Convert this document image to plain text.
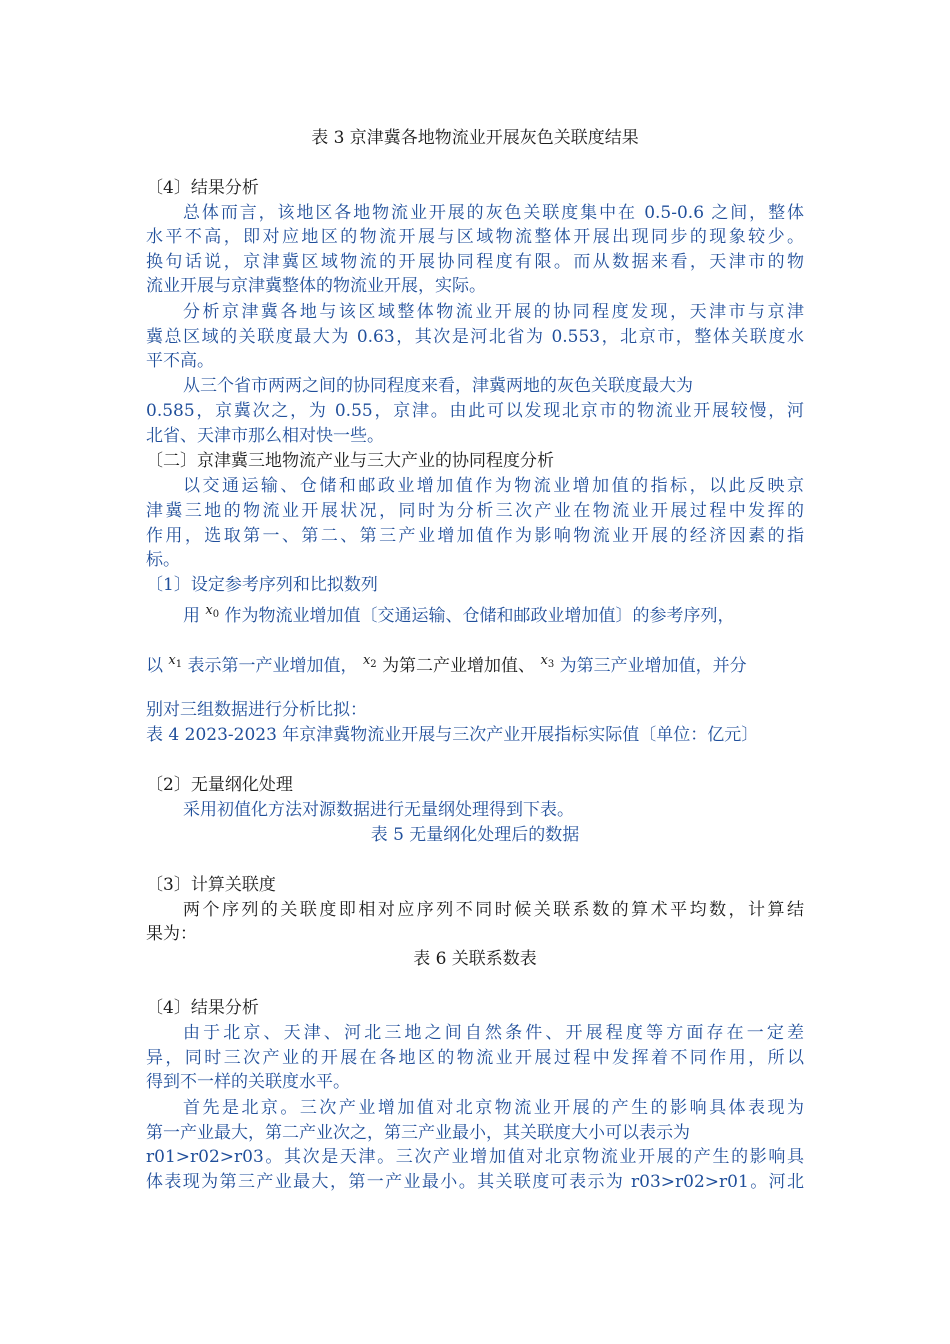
表 3 京津冀各地物流业开展灰色关联度结果
〔4〕结果分析
总体而言，该地区各地物流业开展的灰色关联度集中在 0.5-0.6 之间，整体
水平不高，即对应地区的物流开展与区域物流整体开展出现同步的现象较少。
换句话说，京津冀区域物流的开展协同程度有限。而从数据来看，天津市的物
流业开展与京津冀整体的物流业开展，实际。
分析京津冀各地与该区域整体物流业开展的协同程度发现，天津市与京津
冀总区域的关联度最大为 0.63，其次是河北省为 0.553，北京市，整体关联度水
平不高。
从三个省市两两之间的协同程度来看，津冀两地的灰色关联度最大为
0.585，京冀次之，为 0.55，京津。由此可以发现北京市的物流业开展较慢，河
北省、天津市那么相对快一些。
〔二〕京津冀三地物流产业与三大产业的协同程度分析
以交通运输、仓储和邮政业增加值作为物流业增加值的指标，以此反映京
津冀三地的物流业开展状况，同时为分析三次产业在物流业开展过程中发挥的
作用，选取第一、第二、第三产业增加值作为影响物流业开展的经济因素的指
标。
〔1〕设定参考序列和比拟数列
用 $^{x_0}$ 作为物流业增加值〔交通运输、仓储和邮政业增加值〕的参考序列，
以 $^{x_1}$ 表示第一产业增加值， $^{x_2}$ 为第二产业增加值、 $^{x_3}$ 为第三产业增加值，并分
别对三组数据进行分析比拟：
表 4 2023-2023 年京津冀物流业开展与三次产业开展指标实际值〔单位：亿元〕
〔2〕无量纲化处理
采用初值化方法对源数据进行无量纲处理得到下表。
表 5 无量纲化处理后的数据
〔3〕计算关联度
两个序列的关联度即相对应序列不同时候关联系数的算术平均数，计算结
果为：
表 6 关联系数表
〔4〕结果分析
由于北京、天津、河北三地之间自然条件、开展程度等方面存在一定差
异，同时三次产业的开展在各地区的物流业开展过程中发挥着不同作用，所以
得到不一样的关联度水平。
首先是北京。三次产业增加值对北京物流业开展的产生的影响具体表现为
第一产业最大，第二产业次之，第三产业最小，其关联度大小可以表示为
r01>r02>r03。其次是天津。三次产业增加值对北京物流业开展的产生的影响具
体表现为第三产业最大，第一产业最小。其关联度可表示为 r03>r02>r01。河北
